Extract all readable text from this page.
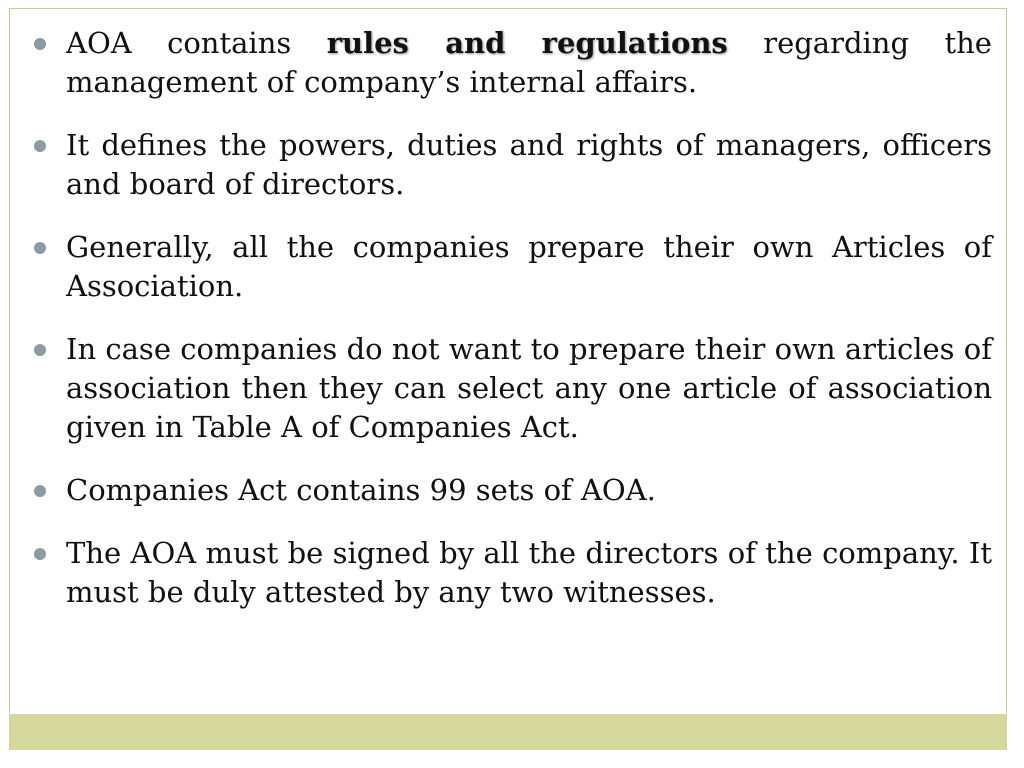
AOA contains rules and regulations regarding the management of company’s internal affairs.
It defines the powers, duties and rights of managers, officers and board of directors.
Generally, all the companies prepare their own Articles of Association.
In case companies do not want to prepare their own articles of association then they can select any one article of association given in Table A of Companies Act.
Companies Act contains 99 sets of AOA.
The AOA must be signed by all the directors of the company. It must be duly attested by any two witnesses.
